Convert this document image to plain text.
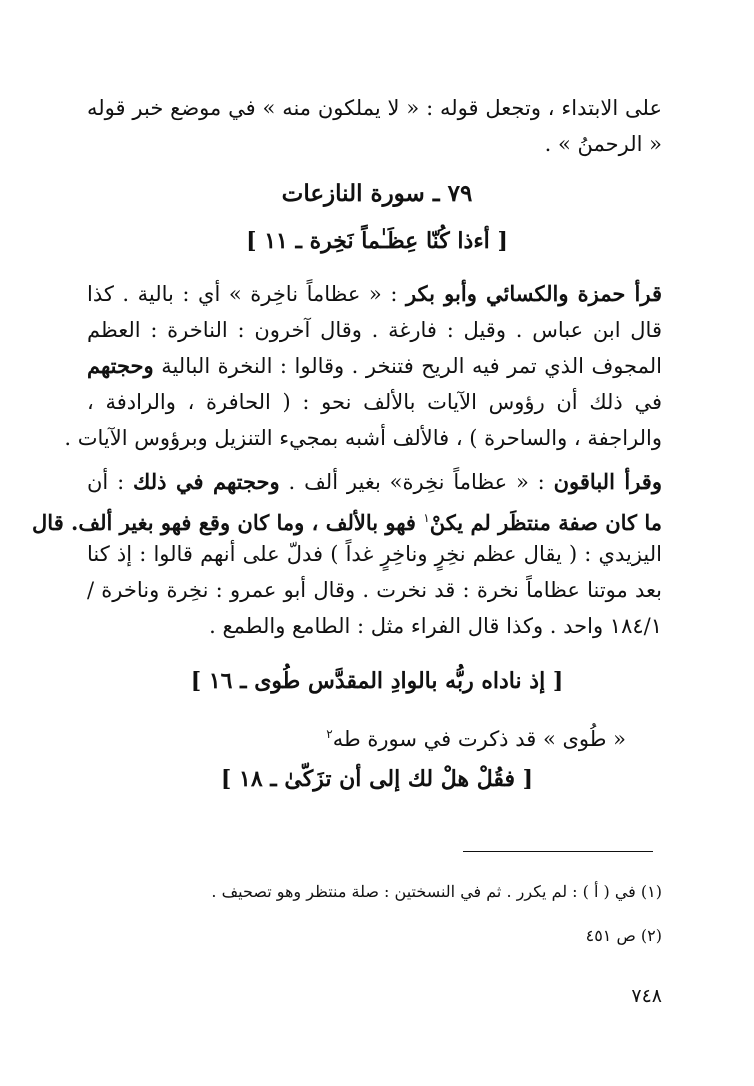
على الابتداء ، وتجعل قوله : « لا يملكون منه » في موضع خبر قوله
« الرحمنُ » .
٧٩ ـ سورة النازعات
[ أءذا كُنّا عِظَـٰماً نَخِرة ـ ١١ ]
قرأ حمزة والكسائي وأبو بكر : « عظاماً ناخِرة » أي : بالية . كذا
قال ابن عباس . وقيل : فارغة . وقال آخرون : الناخرة : العظم
المجوف الذي تمر فيه الريح فتنخر . وقالوا : النخرة البالية وحجتهم
في ذلك أن رؤوس الآيات بالألف نحو : ( الحافرة ، والرادفة ،
والراجفة ، والساحرة ) ، فالألف أشبه بمجيء التنزيل وبرؤوس الآيات .
وقرأ الباقون : « عظاماً نخِرة» بغير ألف . وحجتهم في ذلك : أن
ما كان صفة منتظَر لم يكنْ$^١$ فهو بالألف ، وما كان وقع فهو بغير ألف. قال
اليزيدي : ( يقال عظم نخِرٍ وناخِرٍ غداً ) فدلّ على أنهم قالوا : إذ كنا
بعد موتنا عظاماً نخرة : قد نخرت . وقال أبو عمرو : نخِرة وناخرة /
١٨٤/١ واحد . وكذا قال الفراء مثل : الطامع والطمع .
[ إذ ناداه ربُّه بالوادِ المقدَّس طُوى ـ ١٦ ]
« طُوى » قد ذكرت في سورة طه$^٢$
[ فقُلْ هلْ لك إلى أن تزَكّىٰ ـ ١٨ ]
(١) في ( أ ) : لم يكرر . ثم في النسختين : صلة منتظر وهو تصحيف .
(٢) ص ٤٥١
٧٤٨
